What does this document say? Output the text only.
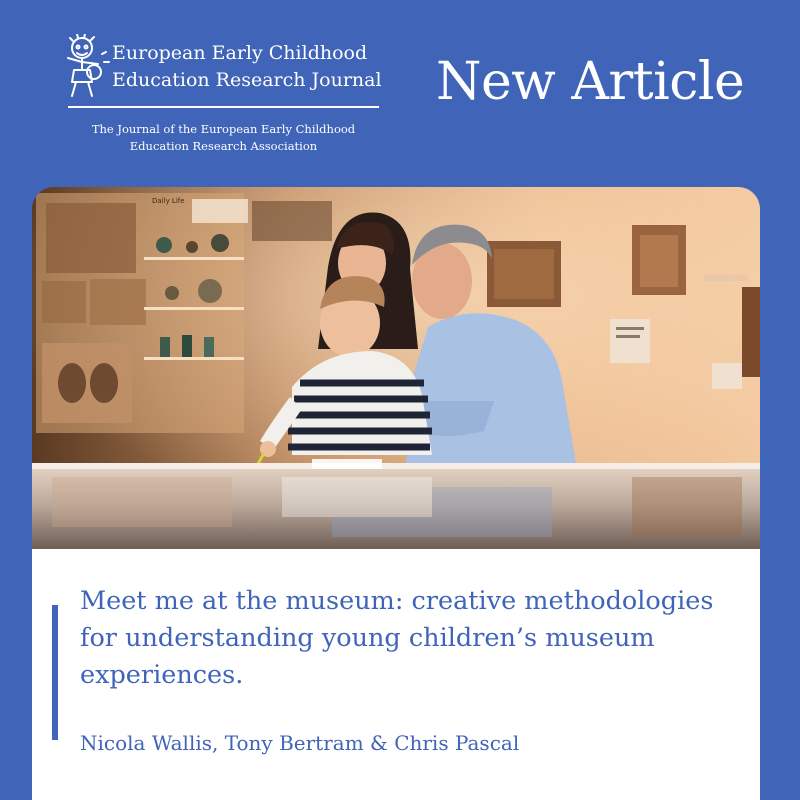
European Early Childhood
Education Research Journal
The Journal of the European Early Childhood
Education Research Association
New Article
Daily Life
Meet me at the museum: creative methodologies
for understanding young children’s museum
experiences.
Nicola Wallis, Tony Bertram & Chris Pascal
